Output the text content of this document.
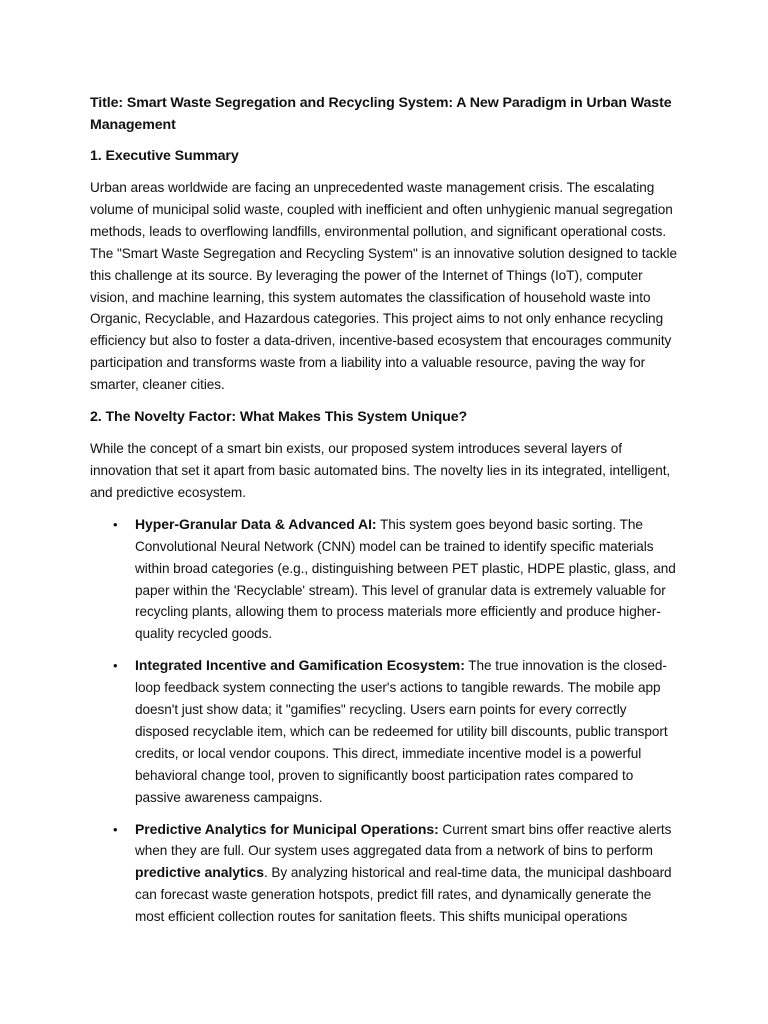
Title: Smart Waste Segregation and Recycling System: A New Paradigm in Urban Waste Management

1. Executive Summary

Urban areas worldwide are facing an unprecedented waste management crisis. The escalating volume of municipal solid waste, coupled with inefficient and often unhygienic manual segregation methods, leads to overflowing landfills, environmental pollution, and significant operational costs. The "Smart Waste Segregation and Recycling System" is an innovative solution designed to tackle this challenge at its source. By leveraging the power of the Internet of Things (IoT), computer vision, and machine learning, this system automates the classification of household waste into Organic, Recyclable, and Hazardous categories. This project aims to not only enhance recycling efficiency but also to foster a data-driven, incentive-based ecosystem that encourages community participation and transforms waste from a liability into a valuable resource, paving the way for smarter, cleaner cities.

2. The Novelty Factor: What Makes This System Unique?

While the concept of a smart bin exists, our proposed system introduces several layers of innovation that set it apart from basic automated bins. The novelty lies in its integrated, intelligent, and predictive ecosystem.

• Hyper-Granular Data & Advanced AI: This system goes beyond basic sorting. The Convolutional Neural Network (CNN) model can be trained to identify specific materials within broad categories (e.g., distinguishing between PET plastic, HDPE plastic, glass, and paper within the 'Recyclable' stream). This level of granular data is extremely valuable for recycling plants, allowing them to process materials more efficiently and produce higher-quality recycled goods.
• Integrated Incentive and Gamification Ecosystem: The true innovation is the closed-loop feedback system connecting the user's actions to tangible rewards. The mobile app doesn't just show data; it "gamifies" recycling. Users earn points for every correctly disposed recyclable item, which can be redeemed for utility bill discounts, public transport credits, or local vendor coupons. This direct, immediate incentive model is a powerful behavioral change tool, proven to significantly boost participation rates compared to passive awareness campaigns.
• Predictive Analytics for Municipal Operations: Current smart bins offer reactive alerts when they are full. Our system uses aggregated data from a network of bins to perform predictive analytics. By analyzing historical and real-time data, the municipal dashboard can forecast waste generation hotspots, predict fill rates, and dynamically generate the most efficient collection routes for sanitation fleets. This shifts municipal operations
